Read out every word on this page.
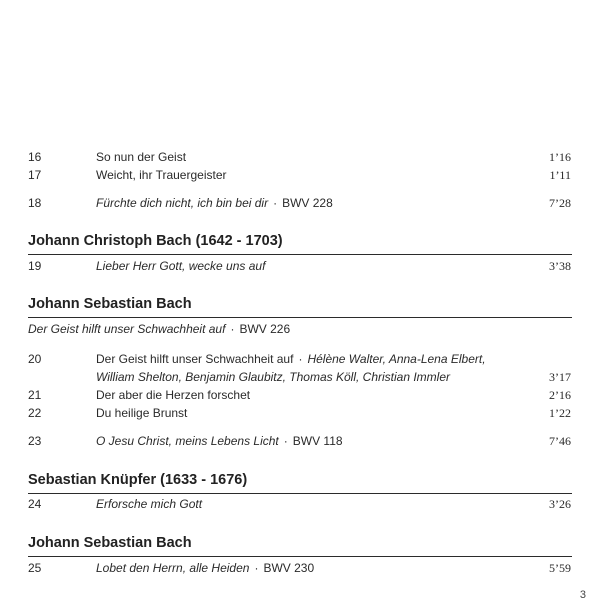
16	So nun der Geist	1’16
17	Weicht, ihr Trauergeister	1’11
18	Fürchte dich nicht, ich bin bei dir · BWV 228	7’28
Johann Christoph Bach (1642 - 1703)
19	Lieber Herr Gott, wecke uns auf	3’38
Johann Sebastian Bach
Der Geist hilft unser Schwachheit auf · BWV 226
20	Der Geist hilft unser Schwachheit auf · Hélène Walter, Anna-Lena Elbert,
William Shelton, Benjamin Glaubitz, Thomas Köll, Christian Immler	3’17
21	Der aber die Herzen forschet	2’16
22	Du heilige Brunst	1’22
23	O Jesu Christ, meins Lebens Licht · BWV 118	7’46
Sebastian Knüpfer (1633 - 1676)
24	Erforsche mich Gott	3’26
Johann Sebastian Bach
25	Lobet den Herrn, alle Heiden · BWV 230	5’59
3
